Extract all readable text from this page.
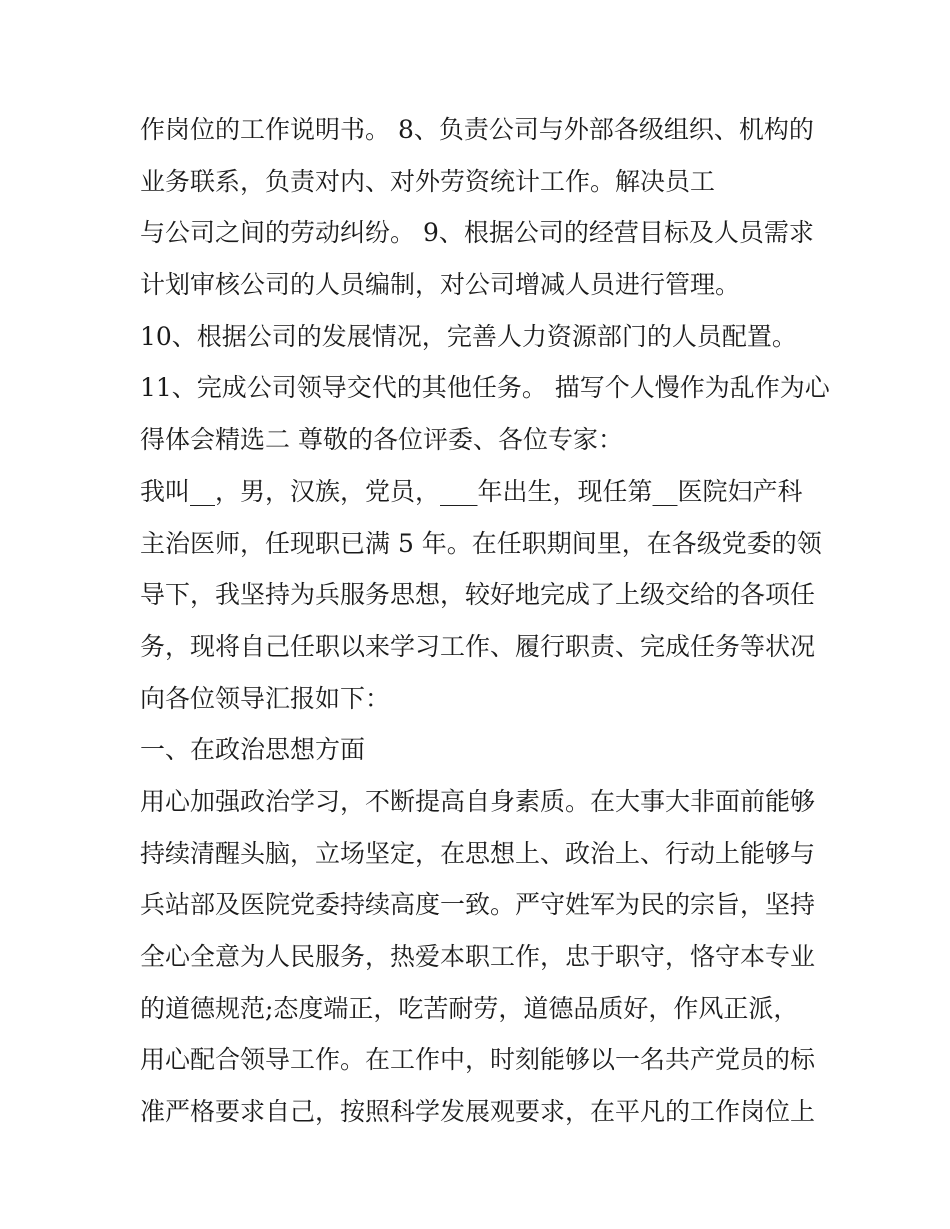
作岗位的工作说明书。 8、负责公司与外部各级组织、机构的
业务联系，负责对内、对外劳资统计工作。解决员工
与公司之间的劳动纠纷。 9、根据公司的经营目标及人员需求
计划审核公司的人员编制，对公司增减人员进行管理。
10、根据公司的发展情况，完善人力资源部门的人员配置。
11、完成公司领导交代的其他任务。 描写个人慢作为乱作为心
得体会精选二 尊敬的各位评委、各位专家：
我叫__，男，汉族，党员，___年出生，现任第__医院妇产科
主治医师，任现职已满 5 年。在任职期间里，在各级党委的领
导下，我坚持为兵服务思想，较好地完成了上级交给的各项任
务，现将自己任职以来学习工作、履行职责、完成任务等状况
向各位领导汇报如下：
一、在政治思想方面
用心加强政治学习，不断提高自身素质。在大事大非面前能够
持续清醒头脑，立场坚定，在思想上、政治上、行动上能够与
兵站部及医院党委持续高度一致。严守姓军为民的宗旨，坚持
全心全意为人民服务，热爱本职工作，忠于职守，恪守本专业
的道德规范;态度端正，吃苦耐劳，道德品质好，作风正派，
用心配合领导工作。在工作中，时刻能够以一名共产党员的标
准严格要求自己，按照科学发展观要求，在平凡的工作岗位上
